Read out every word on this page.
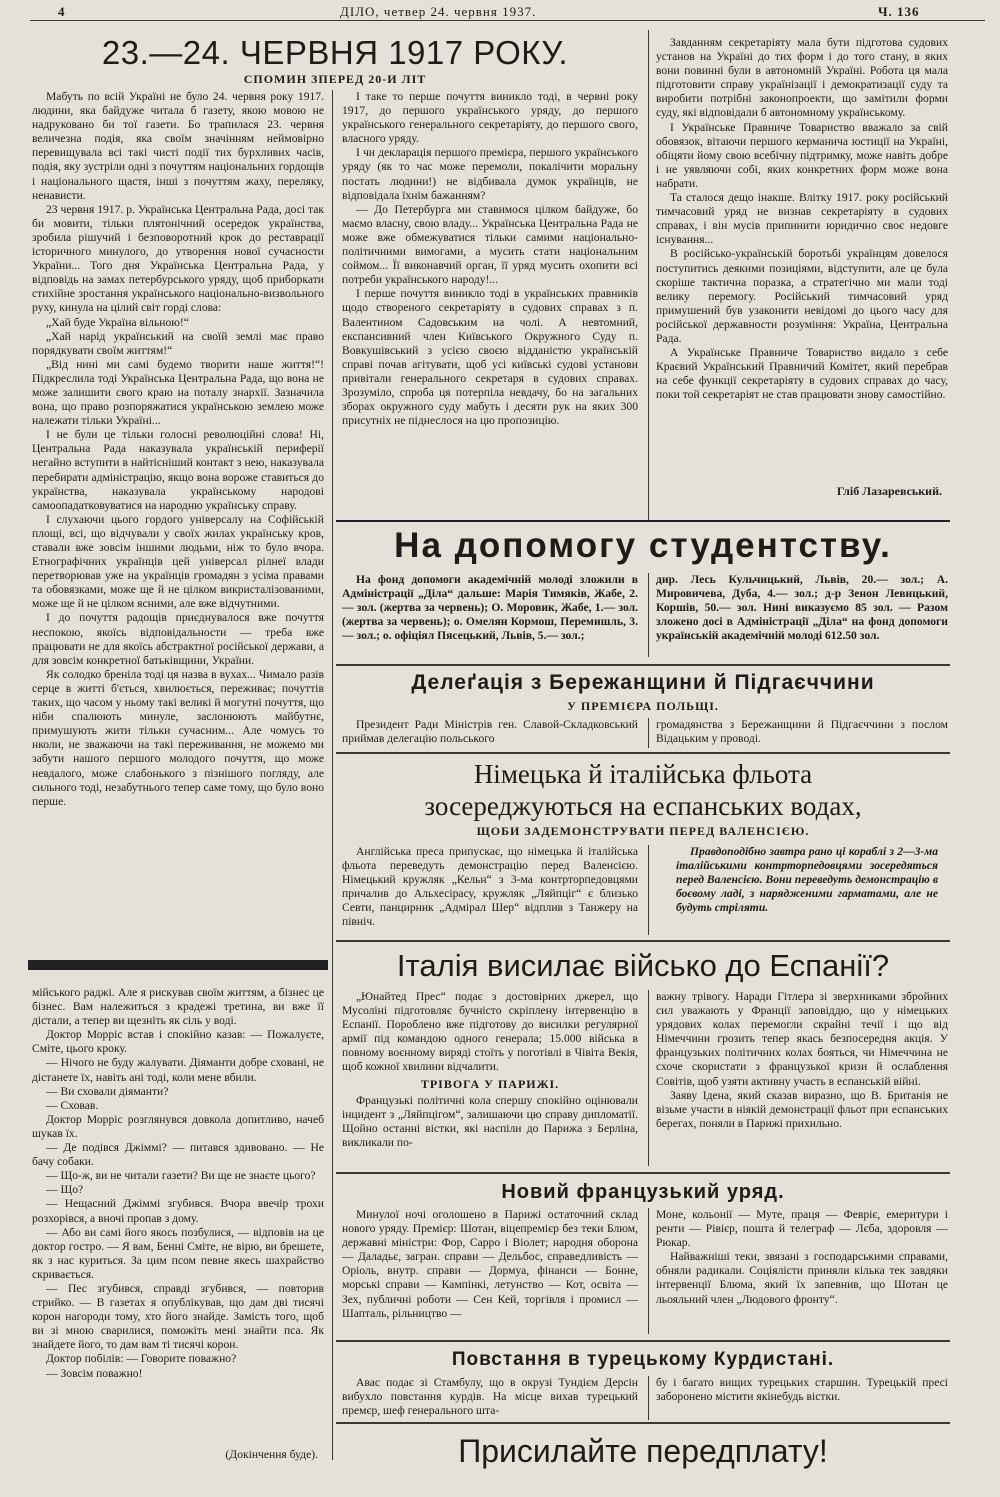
4	ДІЛО, четвер 24. червня 1937.	Ч. 136
23.—24. ЧЕРВНЯ 1917 РОКУ.
СПОМИН ЗПЕРЕД 20-И ЛІТ

Мабуть по всій Україні не було 24. червня року 1917. людини, яка байдуже читала б газету, якою мовою не надруковано би тої газети. Бо трапилася 23. червня величезна подія, яка своїм значінням неймовірно перевищувала всі такі чисті події тих бурхливих часів, подія, яку зустріли одні з почуттям національних гордощів і національного щастя, інші з почуттям жаху, переляку, ненависти.

23 червня 1917. р. Українська Центральна Рада, досі так би мовити, тільки плятонічний осередок українства, зробила рішучий і безповоротний крок до реставрації історичного минулого, до утворення нової сучасности України... Того дня Українська Центральна Рада, у відповідь на замах петербурського уряду, щоб приборкати стихійне зростання українського національно-визвольного руху, кинула на цілий світ горді слова:

„Хай буде Україна вільною!“

„Хай нарід український на своїй землі має право порядкувати своїм життям!“

„Від нині ми самі будемо творити наше життя!“! Підкреслила тоді Українська Центральна Рада, що вона не може залишити свого краю на поталу знархії. Зазначила вона, що право розпоряжатися українською землею може належати тільки Україні...

І не були це тільки голосні революційні слова! Ні, Центральна Рада наказувала українській периферії негайно вступити в найтісніший контакт з нею, наказувала перебирати адміністрацію, якщо вона вороже ставиться до українства, наказувала українському народові самоопадатковуватися на народню українську справу.

І слухаючи цього гордого універсалу на Софійській площі, всі, що відчували у своїх жилах українську кров, ставали вже зовсім іншими людьми, ніж то було вчора. Етнографічних українців цей універсал рілнеї влади перетворював уже на українців громадян з усіма правами та обовязками, може ще й не цілком викристалізованими, може ще й не цілком ясними, але вже відчутними.

І до почуття радощів приєднувалося вже почуття неспокою, якоїсь відповідальности — треба вже працювати не для якоїсь абстрактної російської держави, а для зовсім конкретної батьківщини, України.

Як солодко бреніла тоді ця назва в вухах... Чимало разів серце в житті б'ється, хвилюється, переживає; почуттів таких, що часом у ньому такі великі й могутні почуття, що ніби спалюють минуле, заслонюють майбутнє, примушують жити тільки сучасним... Але чомусь то нколи, не зважаючи на такі переживання, не можемо ми забути нашого першого молодого почуття, що може невдалого, може слабонького з пізнішого погляду, але сильного тоді, незабутнього тепер саме тому, що було воно перше.

І таке то перше почуття виникло тоді, в червні року 1917, до першого українського уряду, до першого українського генерального секретаріяту, до першого свого, власного уряду.

І чи декларація першого премієра, першого українського уряду (як то час може перемоли, покалічити моральну постать людини!) не відбивала думок українців, не відповідала їхнім бажанням?

— До Петербурга ми ставимося цілком байдуже, бо маємо власну, свою владу... Українська Центральна Рада не може вже обмежуватися тільки самими національно-політичними вимогами, а мусить стати національним соймом... Її виконавчий орган, її уряд мусить охопити всі потреби українського народу!...

І перше почуття виникло тоді в українських правників щодо створеного секретаріяту в судових справах з п. Валентином Садовським на чолі. А невтомний, експансивний член Київського Окружного Суду п. Вовкушівський з усією своєю відданістю українській справі почав агітувати, щоб усі київські судові установи привітали генерального секретаря в судових справах. Зрозуміло, спроба ця потерпіла невдачу, бо на загальних зборах окружного суду мабуть і десяти рук на яких 300 присутніх не піднеслося на цю пропозицію.

Завданням секретаріяту мала бути підготова судових установ на Україні до тих форм і до того стану, в яких вони повинні були в автономній Україні. Робота ця мала підготовити справу українізації і демократизації суду та виробити потрібні законопроекти, що замітили форми суду, які відповідали б автономному українському.

І Українське Правниче Товариство вважало за свій обовязок, вітаючи першого керманича юстиції на Україні, обіцяти йому свою всебічну підтримку, може навіть добре і не уявляючи собі, яких конкретних форм може вона набрати.

Та сталося дещо інакше. Влітку 1917. року російський тимчасовий уряд не визнав секретаріяту в судових справах, і він мусів припинити юридично своє недовге існування...

В російсько-українській боротьбі українцям довелося поступитись деякими позиціями, відступити, але це була скоріше тактична поразка, а стратегічно ми мали тоді велику перемогу. Російський тимчасовий уряд примушений був узаконити невідомі до цього часу для російської державности розуміння: Україна, Центральна Рада.

А Українське Правниче Товариство видало з себе Краєвий Український Правничий Комітет, який перебрав на себе функції секретаріяту в судових справах до часу, поки той секретаріят не став працювати знову самостійно.

Гліб Лазаревський.
На допомогу студентству.

На фонд допомоги академічній молоді зложили в Адміністрації „Діла“ дальше: Марія Тимяків, Жабе, 2.— зол. (жертва за червень); О. Моровик, Жабе, 1.— зол. (жертва за червень); о. Омелян Кормош, Перемишль, 3.— зол.; о. офіціял Пясецький, Львів, 5.— зол.;

дир. Лесь Кульчицький, Львів, 20.— зол.; А. Мировичева, Дуба, 4.— зол.; д-р Зенон Левицький, Коршів, 50.— зол. Нині виказуємо 85 зол. — Разом зложено досі в Адміністрації „Діла“ на фонд допомоги українській академічній молоді 612.50 зол.

Делеґація з Бережанщини й Підгаєччини
У ПРЕМІЄРА ПОЛЬЩІ.

Президент Ради Міністрів ген. Славой-Складковський приймав делегацію польського

громадянства з Бережанщини й Підгаєччини з послом Відацьким у проводі.

Німецька й італійська фльота
зосереджуються на еспанських водах,
ЩОБИ ЗАДЕМОНСТРУВАТИ ПЕРЕД ВАЛЕНСІЄЮ.

Англійська преса припускає, що німецька й італійська фльота переведуть демонстрацію перед Валенсією. Німецький кружляк „Кельн“ з 3-ма контрторпедовцями причалив до Альхесірасу, кружляк „Ляйпціг“ є близько Севти, панцирник „Адмірал Шер“ відплив з Танжеру на північ.

Правдоподібно завтра рано ці кораблі з 2—3-ма італійськими контрторпедовцями зосередяться перед Валенсією. Вони переведуть демонстрацію в боєвому ладі, з нарядженими гарматами, але не будуть стріляти.

мійського раджі. Але я рискував своїм життям, а бізнес це бізнес. Вам належиться з крадежі третина, ви вже її дістали, а тепер ви щезніть як сіль у воді.

Доктор Морріс встав і спокійно казав: — Пожалуєте, Сміте, цього кроку.

— Нічого не буду жалувати. Діяманти добре сховані, не дістанете їх, навіть ані тоді, коли мене вбили.

— Ви сховали діяманти?

— Сховав.

Доктор Морріс розглянувся довкола допитливо, начеб шукав їх.

— Де подівся Джіммі? — питався здивовано. — Не бачу собаки.

— Що-ж, ви не читали газети? Ви ще не знаєте цього?

— Що?

— Нещасний Джіммі згубився. Вчора ввечір трохи розхорівся, а вночі пропав з дому.

— Або ви самі його якось позбулися, — відповів на це доктор гостро. — Я вам, Бенні Сміте, не вірю, ви брешете, як з нас куриться. За цим псом певне якесь шахрайство скривається.

— Пес згубився, справді згубився, — повторив стрийко. — В газетах я опублікував, що дам дві тисячі корон нагороди тому, хто його знайде. Замість того, щоб ви зі мною сварилися, поможіть мені знайти пса. Як знайдете його, то дам вам ті тисячі корон.

Доктор побілів: — Говорите поважно?

— Зовсім поважно!

(Докінчення буде).
Італія висилає військо до Еспанії?

„Юнайтед Прес“ подає з достовірних джерел, що Мусоліні підготовляє бучністо скріплену інтервенцію в Еспанії. Пороблено вже підготову до висилки регулярної армії під командою одного генерала; 15.000 війська в повному воєнному виряді стоїть у поготівлі в Чівіта Векія, щоб кожної хвилини відчалити.

ТРІВОГА У ПАРИЖІ.

Французькі політичні кола спершу спокійно оцінювали інцидент з „Ляйпцігом“, залишаючи цю справу дипломатії. Щойно останні вістки, які наспіли до Парижа з Берліна, викликали по-

важну трівогу. Наради Гітлера зі зверхниками збройних сил уважають у Франції заповіддю, що у німецьких урядових колах перемогли скрайні течії і що від Німеччини грозить тепер якась безпосередня акція. У французьких політичних колах бояться, чи Німеччина не схоче скористати з французької кризи й ослаблення Совітів, щоб узяти активну участь в еспанській війні.

Заяву Ідена, який сказав виразно, що В. Британія не візьме участи в ніякій демонстрації фльот при еспанських берегах, поняли в Парижі прихильно.

Новий французький уряд.

Минулої ночі оголошено в Парижі остаточний склад нового уряду. Премієр: Шотан, віцепремієр без теки Блюм, державні міністри: Фор, Сарро і Віолет; народня оборона — Даладьє, загран. справи — Дельбос, справедливість — Оріоль, внутр. справи — Дормуа, фінанси — Бонне, морські справи — Кампінкі, летунство — Кот, освіта — Зех, публичні роботи — Сен Кей, торгівля і промисл — Шапталь, рільництво —

Моне, кольонії — Муте, праця — Февріє, емеритури і ренти — Рівієр, пошта й телеграф — Лєба, здоровля — Рюкар.

Найважніші теки, звязані з господарськими справами, обняли радикали. Соціялісти приняли кілька тек завдяки інтервенції Блюма, який їх запевнив, що Шотан це льояльний член „Людового фронту“.

Повстання в турецькому Курдистані.

Авас подає зі Стамбулу, що в окрузі Тундієм Дерсін вибухло повстання курдів. На місце вихав турецький премєр, шеф генерального шта-

бу і багато вищих турецьких старшин. Турецькій пресі заборонено містити якінебудь вістки.

Присилайте передплату!
